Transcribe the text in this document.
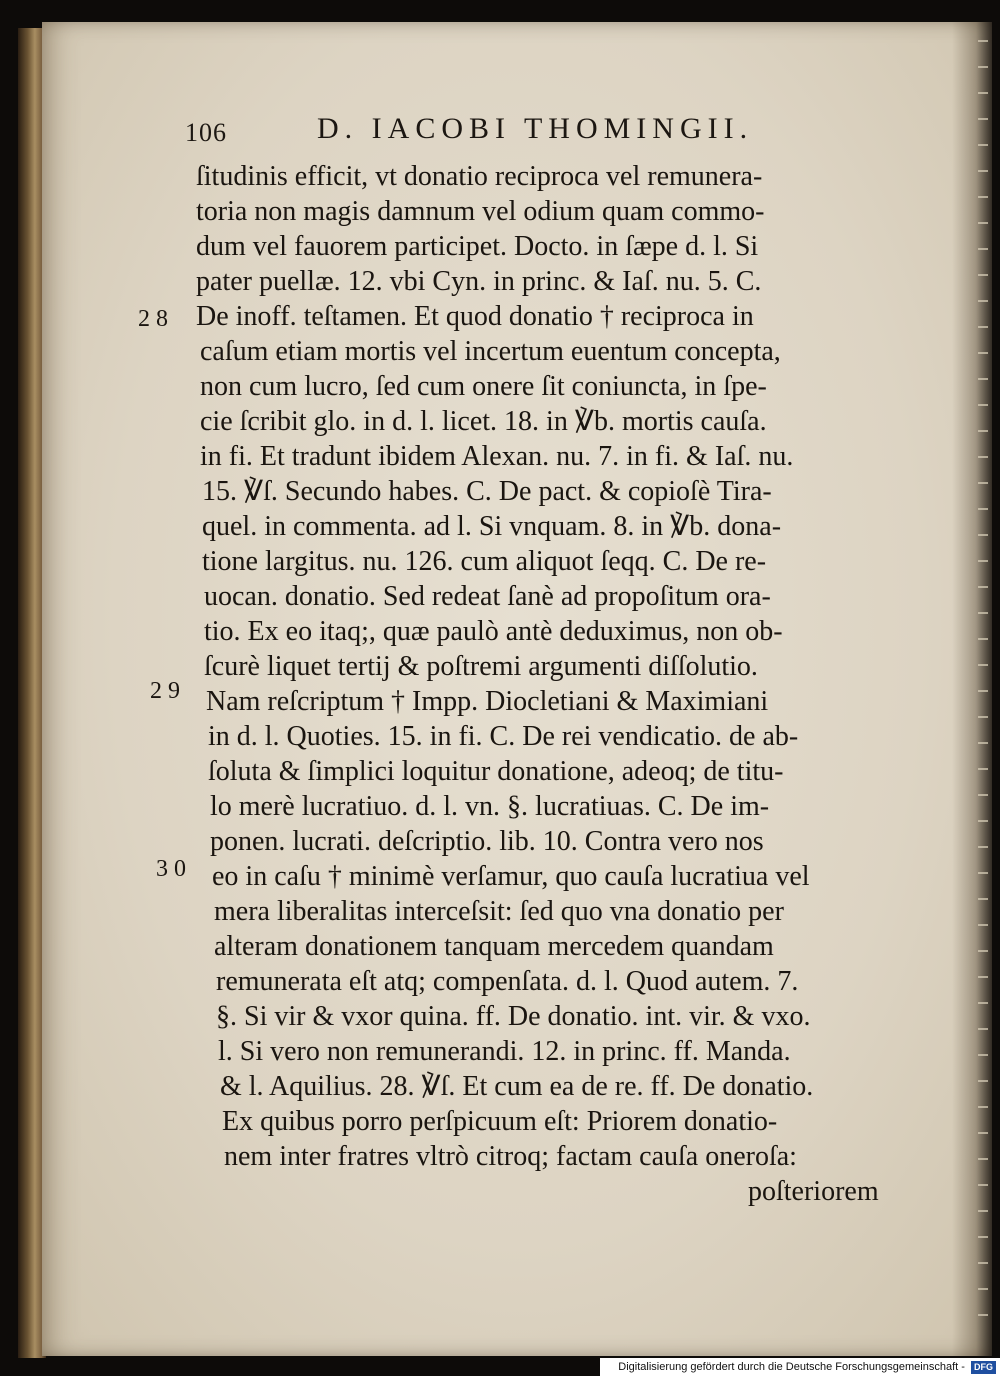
106	D. IACOBI THOMINGII.
28
29
30
ſitudinis efficit, vt donatio reciproca vel remunera-
toria non magis damnum vel odium quam commo-
dum vel fauorem participet. Docto. in ſæpe d. l. Si
pater puellæ. 12. vbi Cyn. in princ. & Iaſ. nu. 5. C.
De inoff. teſtamen. Et quod donatio † reciproca in
caſum etiam mortis vel incertum euentum concepta,
non cum lucro, ſed cum onere ſit coniuncta, in ſpe-
cie ſcribit glo. in d. l. licet. 18. in ℣b. mortis cauſa.
in fi. Et tradunt ibidem Alexan. nu. 7. in fi. & Iaſ. nu.
15. ℣ſ. Secundo habes. C. De pact. & copioſè Tira-
quel. in commenta. ad l. Si vnquam. 8. in ℣b. dona-
tione largitus. nu. 126. cum aliquot ſeqq. C. De re-
uocan. donatio. Sed redeat ſanè ad propoſitum ora-
tio. Ex eo itaq;, quæ paulò antè deduximus, non ob-
ſcurè liquet tertij & poſtremi argumenti diſſolutio.
Nam reſcriptum † Impp. Diocletiani & Maximiani
in d. l. Quoties. 15. in fi. C. De rei vendicatio. de ab-
ſoluta & ſimplici loquitur donatione, adeoq; de titu-
lo merè lucratiuo. d. l. vn. §. lucratiuas. C. De im-
ponen. lucrati. deſcriptio. lib. 10. Contra vero nos
eo in caſu † minimè verſamur, quo cauſa lucratiua vel
mera liberalitas interceſsit: ſed quo vna donatio per
alteram donationem tanquam mercedem quandam
remunerata eſt atq; compenſata. d. l. Quod autem. 7.
§. Si vir & vxor quina. ff. De donatio. int. vir. & vxo.
l. Si vero non remunerandi. 12. in princ. ff. Manda.
& l. Aquilius. 28. ℣ſ. Et cum ea de re. ff. De donatio.
Ex quibus porro perſpicuum eſt: Priorem donatio-
nem inter fratres vltrò citroq; factam cauſa oneroſa:
poſteriorem
Digitalisierung gefördert durch die Deutsche Forschungsgemeinschaft - DFG
